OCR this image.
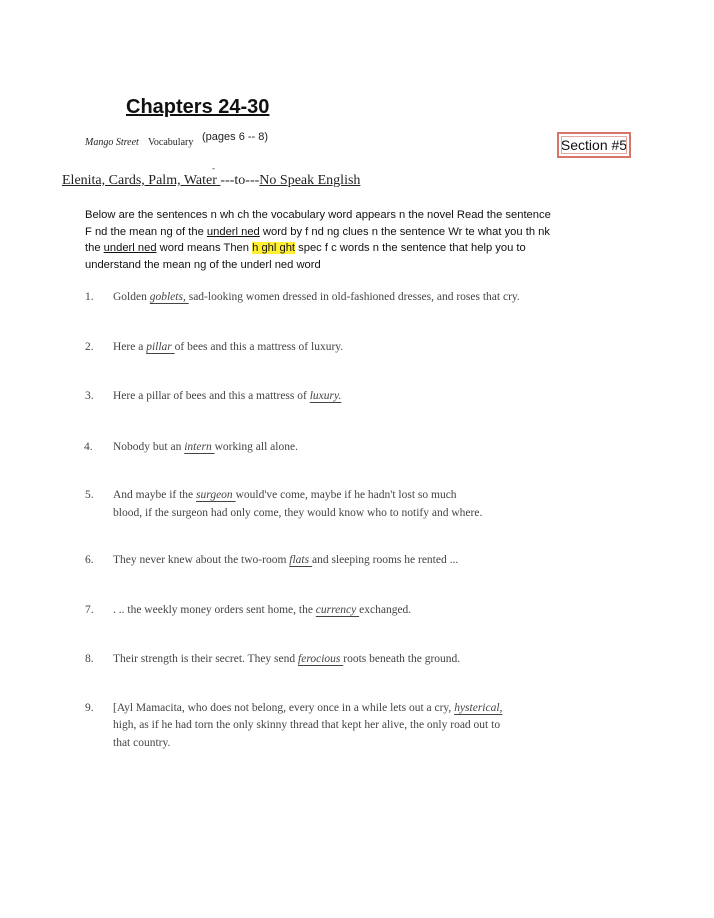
Chapters 24-30
Mango Street Vocabulary (pages 6 -- 8)	Section #5
-
Elenita, Cards, Palm, Water ---to---No Speak English
Below are the sentences n wh ch the vocabulary word appears n the novel Read the sentence
F nd the mean ng of the underl ned word by f nd ng clues n the sentence Wr te what you th nk
the underl ned word means Then h ghl ght spec f c words n the sentence that help you to
understand the mean ng of the underl ned word
1. Golden goblets, sad-looking women dressed in old-fashioned dresses, and roses that cry.
2. Here a pillar of bees and this a mattress of luxury.
3. Here a pillar of bees and this a mattress of luxury.
4. Nobody but an intern working all alone.
5. And maybe if the surgeon would've come, maybe if he hadn't lost so much
blood, if the surgeon had only come, they would know who to notify and where.
6. They never knew about the two-room flats and sleeping rooms he rented ...
7. . .. the weekly money orders sent home, the currency exchanged.
8. Their strength is their secret. They send ferocious roots beneath the ground.
9. [Ayl Mamacita, who does not belong, every once in a while lets out a cry, hysterical,
high, as if he had torn the only skinny thread that kept her alive, the only road out to
that country.
